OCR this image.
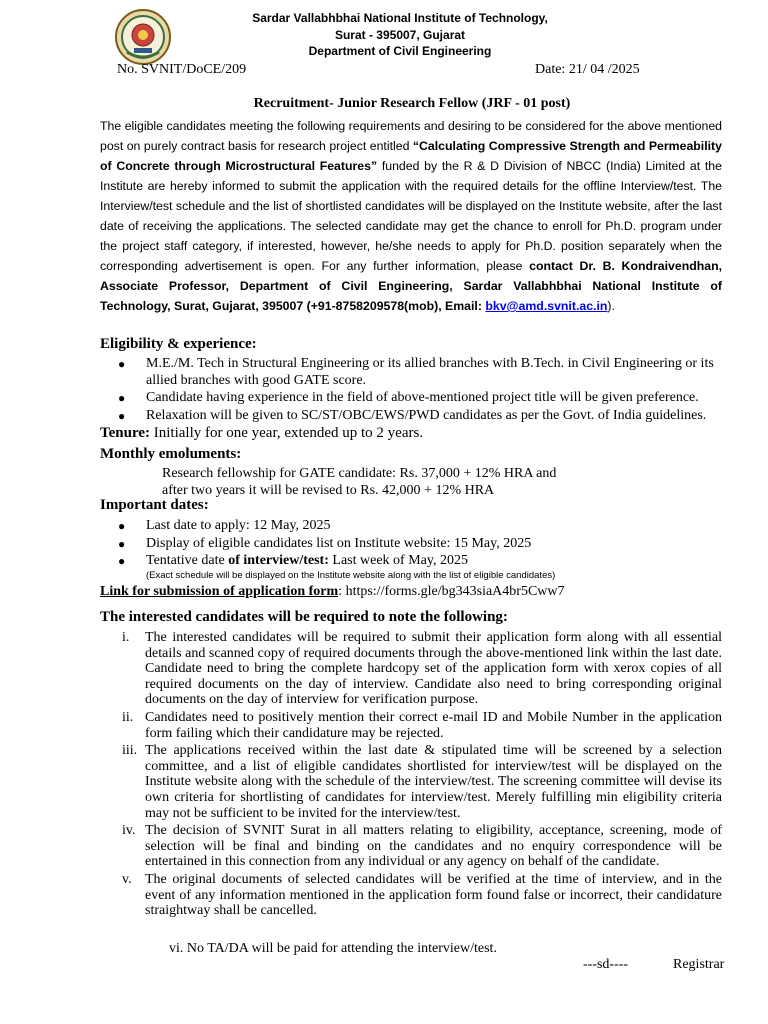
Sardar Vallabhbhai National Institute of Technology,
Surat - 395007, Gujarat
Department of Civil Engineering
No. SVNIT/DoCE/209	Date: 21/ 04 /2025
Recruitment- Junior Research Fellow (JRF - 01 post)
The eligible candidates meeting the following requirements and desiring to be considered for the above mentioned post on purely contract basis for research project entitled “Calculating Compressive Strength and Permeability of Concrete through Microstructural Features” funded by the R & D Division of NBCC (India) Limited at the Institute are hereby informed to submit the application with the required details for the offline Interview/test. The Interview/test schedule and the list of shortlisted candidates will be displayed on the Institute website, after the last date of receiving the applications. The selected candidate may get the chance to enroll for Ph.D. program under the project staff category, if interested, however, he/she needs to apply for Ph.D. position separately when the corresponding advertisement is open. For any further information, please contact Dr. B. Kondraivendhan, Associate Professor, Department of Civil Engineering, Sardar Vallabhbhai National Institute of Technology, Surat, Gujarat, 395007 (+91-8758209578(mob), Email: bkv@amd.svnit.ac.in).
Eligibility & experience:
● M.E./M. Tech in Structural Engineering or its allied branches with B.Tech. in Civil Engineering or its allied branches with good GATE score.
● Candidate having experience in the field of above-mentioned project title will be given preference.
● Relaxation will be given to SC/ST/OBC/EWS/PWD candidates as per the Govt. of India guidelines.
Tenure: Initially for one year, extended up to 2 years.
Monthly emoluments:
Research fellowship for GATE candidate: Rs. 37,000 + 12% HRA and
after two years it will be revised to Rs. 42,000 + 12% HRA
Important dates:
● Last date to apply: 12 May, 2025
● Display of eligible candidates list on Institute website: 15 May, 2025
● Tentative date of interview/test: Last week of May, 2025
(Exact schedule will be displayed on the Institute website along with the list of eligible candidates)
Link for submission of application form: https://forms.gle/bg343siaA4br5Cww7
The interested candidates will be required to note the following:
i. The interested candidates will be required to submit their application form along with all essential details and scanned copy of required documents through the above-mentioned link within the last date. Candidate need to bring the complete hardcopy set of the application form with xerox copies of all required documents on the day of interview. Candidate also need to bring corresponding original documents on the day of interview for verification purpose.
ii. Candidates need to positively mention their correct e-mail ID and Mobile Number in the application form failing which their candidature may be rejected.
iii. The applications received within the last date & stipulated time will be screened by a selection committee, and a list of eligible candidates shortlisted for interview/test will be displayed on the Institute website along with the schedule of the interview/test. The screening committee will devise its own criteria for shortlisting of candidates for interview/test. Merely fulfilling min eligibility criteria may not be sufficient to be invited for the interview/test.
iv. The decision of SVNIT Surat in all matters relating to eligibility, acceptance, screening, mode of selection will be final and binding on the candidates and no enquiry correspondence will be entertained in this connection from any individual or any agency on behalf of the candidate.
v. The original documents of selected candidates will be verified at the time of interview, and in the event of any information mentioned in the application form found false or incorrect, their candidature straightway shall be cancelled.
vi. No TA/DA will be paid for attending the interview/test.
---sd----	Registrar
